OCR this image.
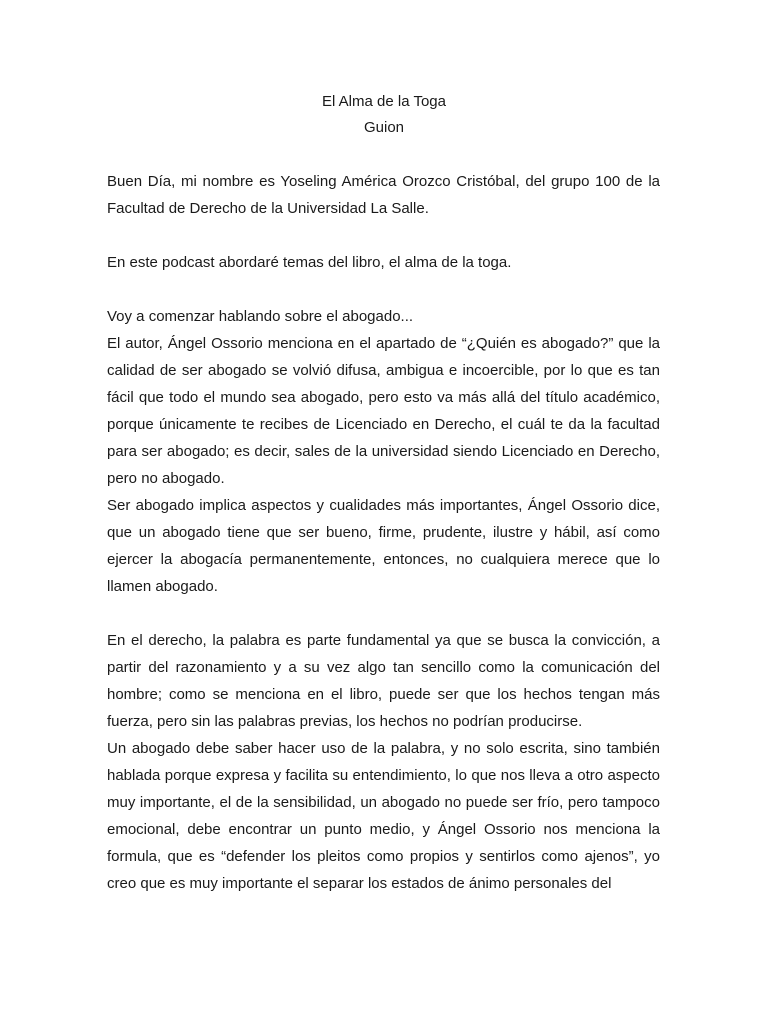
El Alma de la Toga
Guion

Buen Día, mi nombre es Yoseling América Orozco Cristóbal, del grupo 100 de la Facultad de Derecho de la Universidad La Salle.

En este podcast abordaré temas del libro, el alma de la toga.

Voy a comenzar hablando sobre el abogado...

El autor, Ángel Ossorio menciona en el apartado de “¿Quién es abogado?” que la calidad de ser abogado se volvió difusa, ambigua e incoercible, por lo que es tan fácil que todo el mundo sea abogado, pero esto va más allá del título académico, porque únicamente te recibes de Licenciado en Derecho, el cuál te da la facultad para ser abogado; es decir, sales de la universidad siendo Licenciado en Derecho, pero no abogado.

Ser abogado implica aspectos y cualidades más importantes, Ángel Ossorio dice, que un abogado tiene que ser bueno, firme, prudente, ilustre y hábil, así como ejercer la abogacía permanentemente, entonces, no cualquiera merece que lo llamen abogado.

En el derecho, la palabra es parte fundamental ya que se busca la convicción, a partir del razonamiento y a su vez algo tan sencillo como la comunicación del hombre; como se menciona en el libro, puede ser que los hechos tengan más fuerza, pero sin las palabras previas, los hechos no podrían producirse.

Un abogado debe saber hacer uso de la palabra, y no solo escrita, sino también hablada porque expresa y facilita su entendimiento, lo que nos lleva a otro aspecto muy importante, el de la sensibilidad, un abogado no puede ser frío, pero tampoco emocional, debe encontrar un punto medio, y Ángel Ossorio nos menciona la formula, que es “defender los pleitos como propios y sentirlos como ajenos”, yo creo que es muy importante el separar los estados de ánimo personales del
